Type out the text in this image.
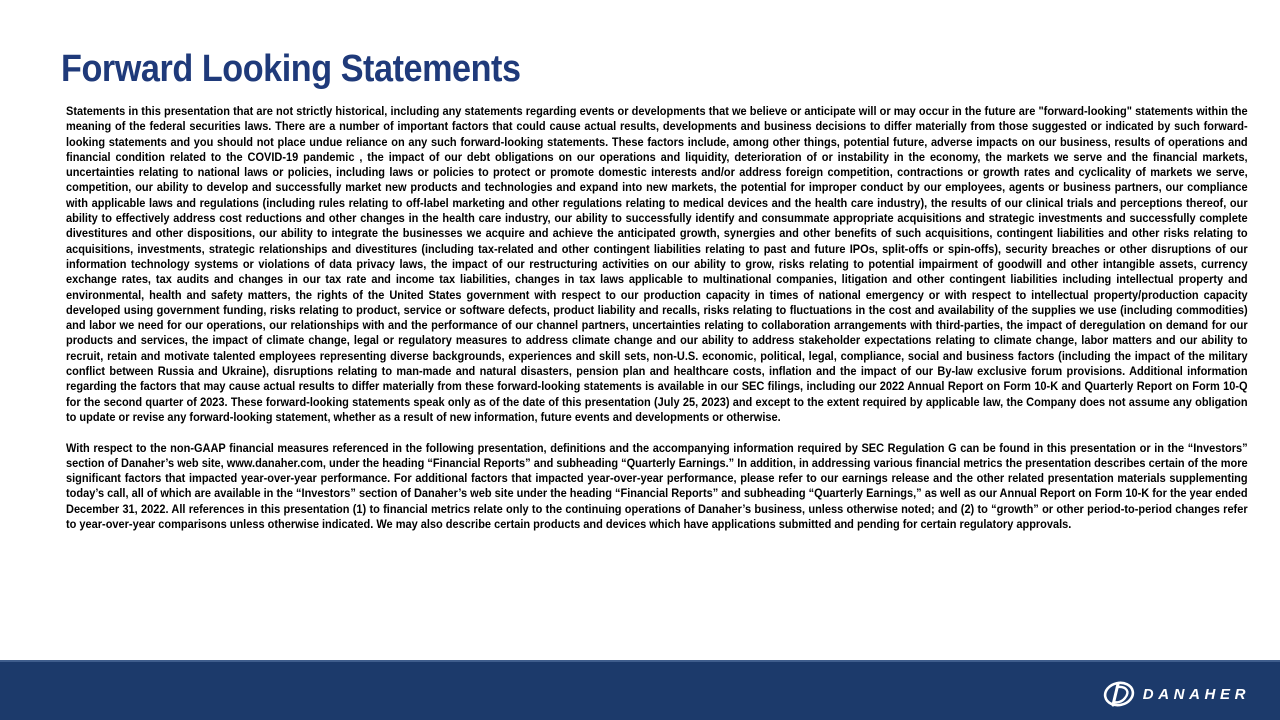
Forward Looking Statements

Statements in this presentation that are not strictly historical, including any statements regarding events or developments that we believe or anticipate will or may occur in the future are "forward-looking" statements within the meaning of the federal securities laws. There are a number of important factors that could cause actual results, developments and business decisions to differ materially from those suggested or indicated by such forward-looking statements and you should not place undue reliance on any such forward-looking statements. These factors include, among other things, potential future, adverse impacts on our business, results of operations and financial condition related to the COVID-19 pandemic , the impact of our debt obligations on our operations and liquidity, deterioration of or instability in the economy, the markets we serve and the financial markets, uncertainties relating to national laws or policies, including laws or policies to protect or promote domestic interests and/or address foreign competition, contractions or growth rates and cyclicality of markets we serve, competition, our ability to develop and successfully market new products and technologies and expand into new markets, the potential for improper conduct by our employees, agents or business partners, our compliance with applicable laws and regulations (including rules relating to off-label marketing and other regulations relating to medical devices and the health care industry), the results of our clinical trials and perceptions thereof, our ability to effectively address cost reductions and other changes in the health care industry, our ability to successfully identify and consummate appropriate acquisitions and strategic investments and successfully complete divestitures and other dispositions, our ability to integrate the businesses we acquire and achieve the anticipated growth, synergies and other benefits of such acquisitions, contingent liabilities and other risks relating to acquisitions, investments, strategic relationships and divestitures (including tax-related and other contingent liabilities relating to past and future IPOs, split-offs or spin-offs), security breaches or other disruptions of our information technology systems or violations of data privacy laws, the impact of our restructuring activities on our ability to grow, risks relating to potential impairment of goodwill and other intangible assets, currency exchange rates, tax audits and changes in our tax rate and income tax liabilities, changes in tax laws applicable to multinational companies, litigation and other contingent liabilities including intellectual property and environmental, health and safety matters, the rights of the United States government with respect to our production capacity in times of national emergency or with respect to intellectual property/production capacity developed using government funding, risks relating to product, service or software defects, product liability and recalls, risks relating to fluctuations in the cost and availability of the supplies we use (including commodities) and labor we need for our operations, our relationships with and the performance of our channel partners, uncertainties relating to collaboration arrangements with third-parties, the impact of deregulation on demand for our products and services, the impact of climate change, legal or regulatory measures to address climate change and our ability to address stakeholder expectations relating to climate change, labor matters and our ability to recruit, retain and motivate talented employees representing diverse backgrounds, experiences and skill sets, non-U.S. economic, political, legal, compliance, social and business factors (including the impact of the military conflict between Russia and Ukraine), disruptions relating to man-made and natural disasters, pension plan and healthcare costs, inflation and the impact of our By-law exclusive forum provisions. Additional information regarding the factors that may cause actual results to differ materially from these forward-looking statements is available in our SEC filings, including our 2022 Annual Report on Form 10-K and Quarterly Report on Form 10-Q for the second quarter of 2023. These forward-looking statements speak only as of the date of this presentation (July 25, 2023) and except to the extent required by applicable law, the Company does not assume any obligation to update or revise any forward-looking statement, whether as a result of new information, future events and developments or otherwise.

With respect to the non-GAAP financial measures referenced in the following presentation, definitions and the accompanying information required by SEC Regulation G can be found in this presentation or in the “Investors” section of Danaher’s web site, www.danaher.com, under the heading “Financial Reports” and subheading “Quarterly Earnings.” In addition, in addressing various financial metrics the presentation describes certain of the more significant factors that impacted year-over-year performance. For additional factors that impacted year-over-year performance, please refer to our earnings release and the other related presentation materials supplementing today’s call, all of which are available in the “Investors” section of Danaher’s web site under the heading “Financial Reports” and subheading “Quarterly Earnings,” as well as our Annual Report on Form 10-K for the year ended December 31, 2022. All references in this presentation (1) to financial metrics relate only to the continuing operations of Danaher’s business, unless otherwise noted; and (2) to “growth” or other period-to-period changes refer to year-over-year comparisons unless otherwise indicated. We may also describe certain products and devices which have applications submitted and pending for certain regulatory approvals.

DANAHER
